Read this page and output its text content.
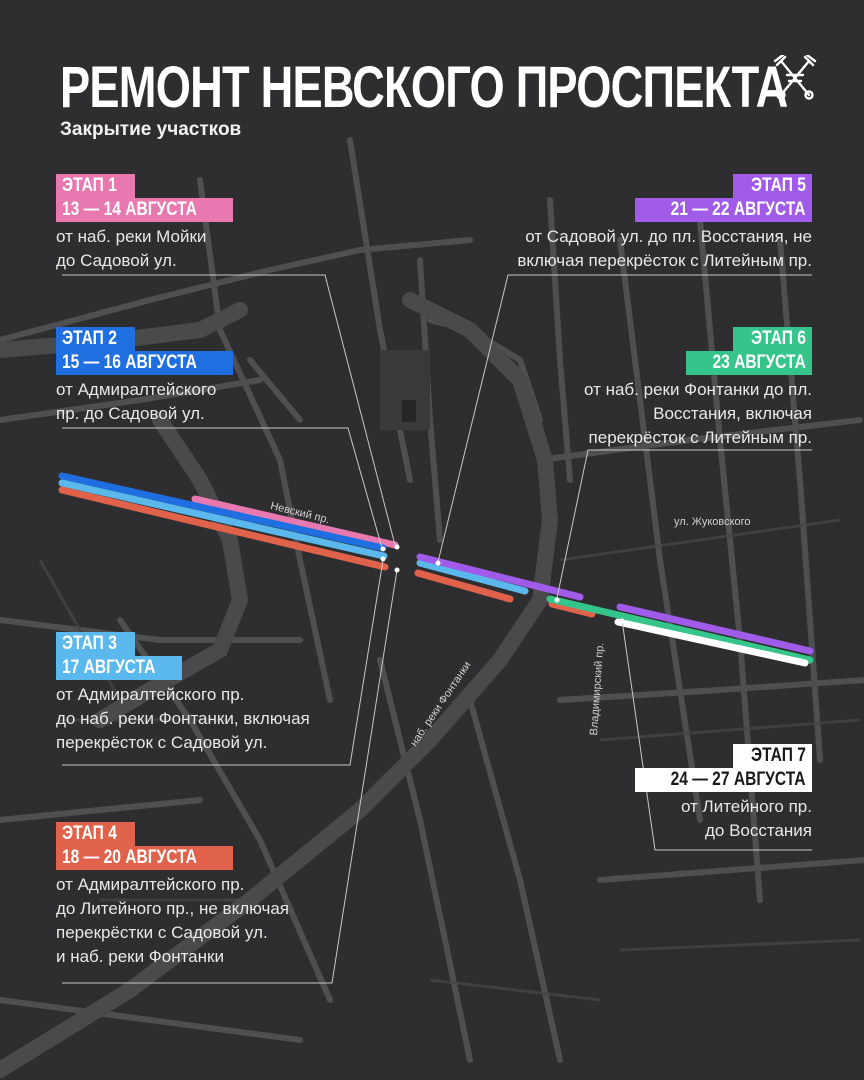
РЕМОНТ НЕВСКОГО ПРОСПЕКТА
Закрытие участков
ЭТАП 1
13 — 14 АВГУСТА
от наб. реки Мойки
до Садовой ул.
ЭТАП 2
15 — 16 АВГУСТА
от Адмиралтейского
пр. до Садовой ул.
ЭТАП 3
17 АВГУСТА
от Адмиралтейского пр.
до наб. реки Фонтанки, включая
перекрёсток с Садовой ул.
ЭТАП 4
18 — 20 АВГУСТА
от Адмиралтейского пр.
до Литейного пр., не включая
перекрёстки с Садовой ул.
и наб. реки Фонтанки
ЭТАП 5
21 — 22 АВГУСТА
от Садовой ул. до пл. Восстания, не
включая перекрёсток с Литейным пр.
ЭТАП 6
23 АВГУСТА
от наб. реки Фонтанки до пл.
Восстания, включая
перекрёсток с Литейным пр.
ЭТАП 7
24 — 27 АВГУСТА
от Литейного пр.
до Восстания
Невский пр.	ул. Жуковского
наб. реки Фонтанки	Владимирский пр.
